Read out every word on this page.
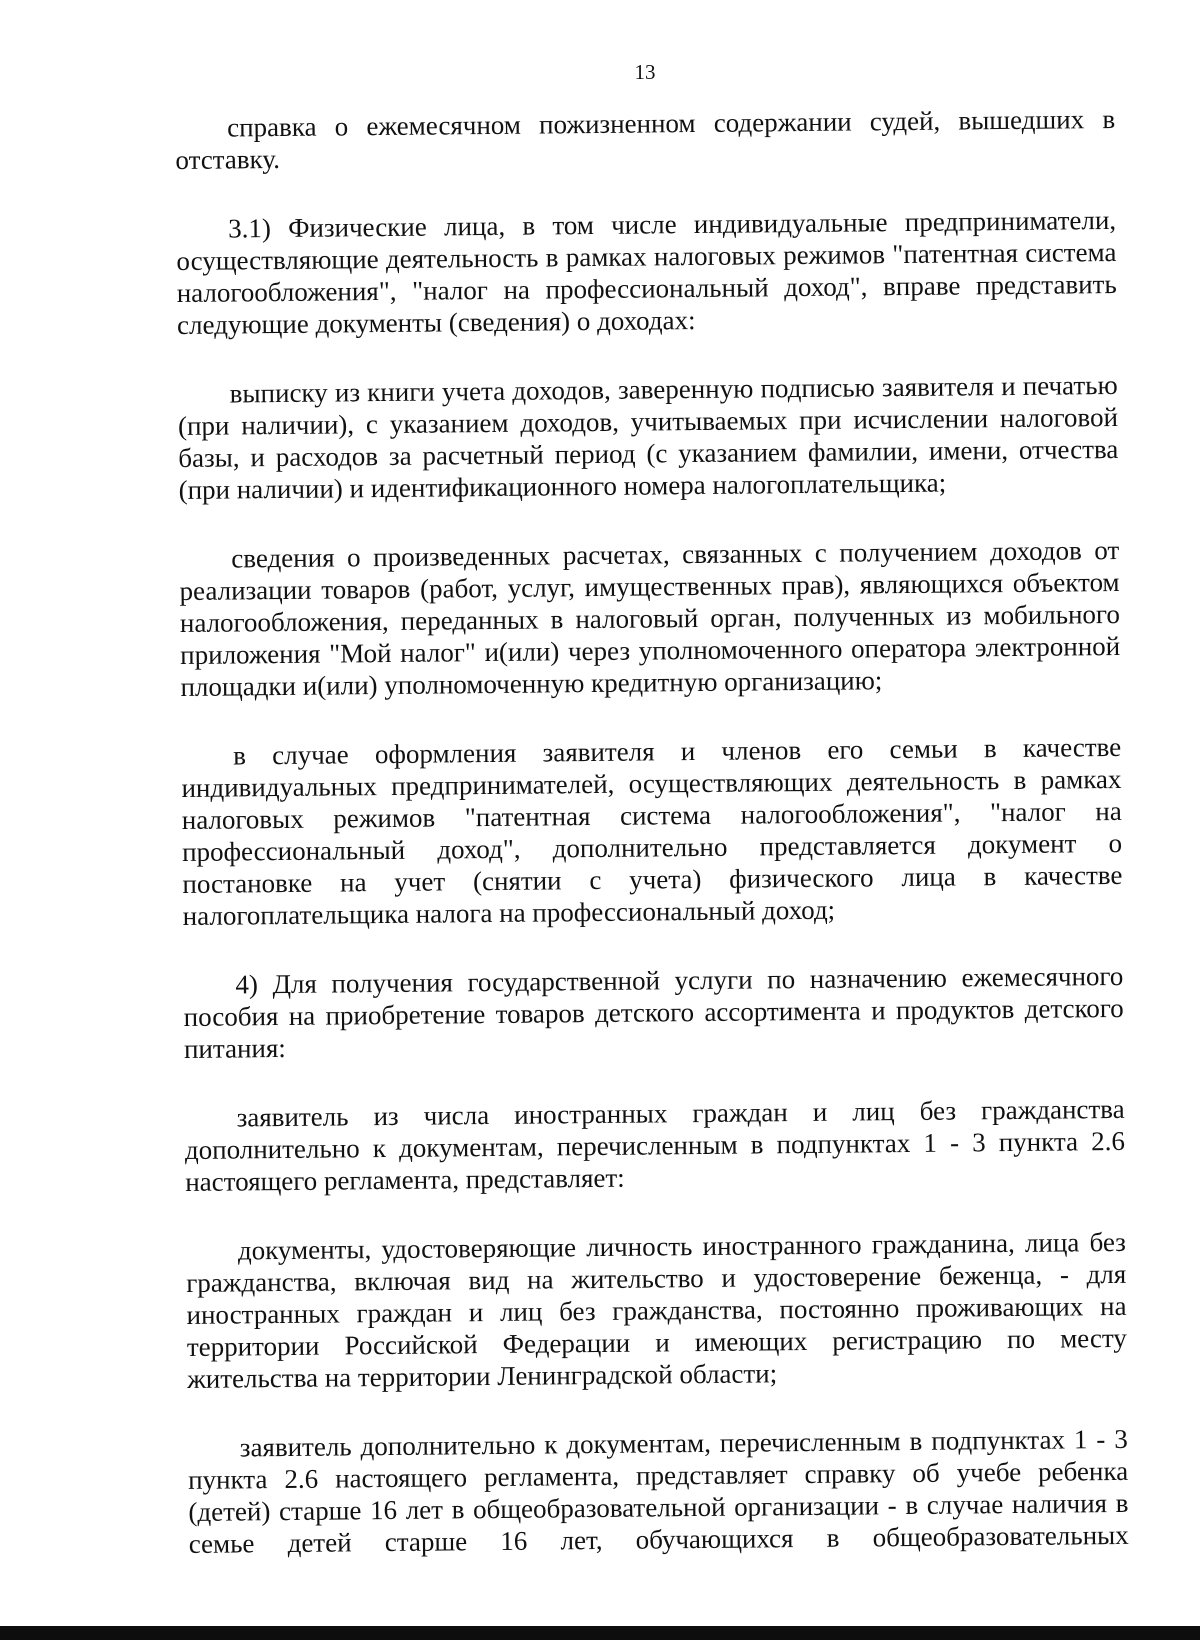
13

справка о ежемесячном пожизненном содержании судей, вышедших в отставку.

3.1) Физические лица, в том числе индивидуальные предприниматели, осуществляющие деятельность в рамках налоговых режимов "патентная система налогообложения", "налог на профессиональный доход", вправе представить следующие документы (сведения) о доходах:

выписку из книги учета доходов, заверенную подписью заявителя и печатью (при наличии), с указанием доходов, учитываемых при исчислении налоговой базы, и расходов за расчетный период (с указанием фамилии, имени, отчества (при наличии) и идентификационного номера налогоплательщика;

сведения о произведенных расчетах, связанных с получением доходов от реализации товаров (работ, услуг, имущественных прав), являющихся объектом налогообложения, переданных в налоговый орган, полученных из мобильного приложения "Мой налог" и(или) через уполномоченного оператора электронной площадки и(или) уполномоченную кредитную организацию;

в случае оформления заявителя и членов его семьи в качестве индивидуальных предпринимателей, осуществляющих деятельность в рамках налоговых режимов "патентная система налогообложения", "налог на профессиональный доход", дополнительно представляется документ о постановке на учет (снятии с учета) физического лица в качестве налогоплательщика налога на профессиональный доход;

4) Для получения государственной услуги по назначению ежемесячного пособия на приобретение товаров детского ассортимента и продуктов детского питания:

заявитель из числа иностранных граждан и лиц без гражданства дополнительно к документам, перечисленным в подпунктах 1 - 3 пункта 2.6 настоящего регламента, представляет:

документы, удостоверяющие личность иностранного гражданина, лица без гражданства, включая вид на жительство и удостоверение беженца, - для иностранных граждан и лиц без гражданства, постоянно проживающих на территории Российской Федерации и имеющих регистрацию по месту жительства на территории Ленинградской области;

заявитель дополнительно к документам, перечисленным в подпунктах 1 - 3 пункта 2.6 настоящего регламента, представляет справку об учебе ребенка (детей) старше 16 лет в общеобразовательной организации - в случае наличия в семье детей старше 16 лет, обучающихся в общеобразовательных
